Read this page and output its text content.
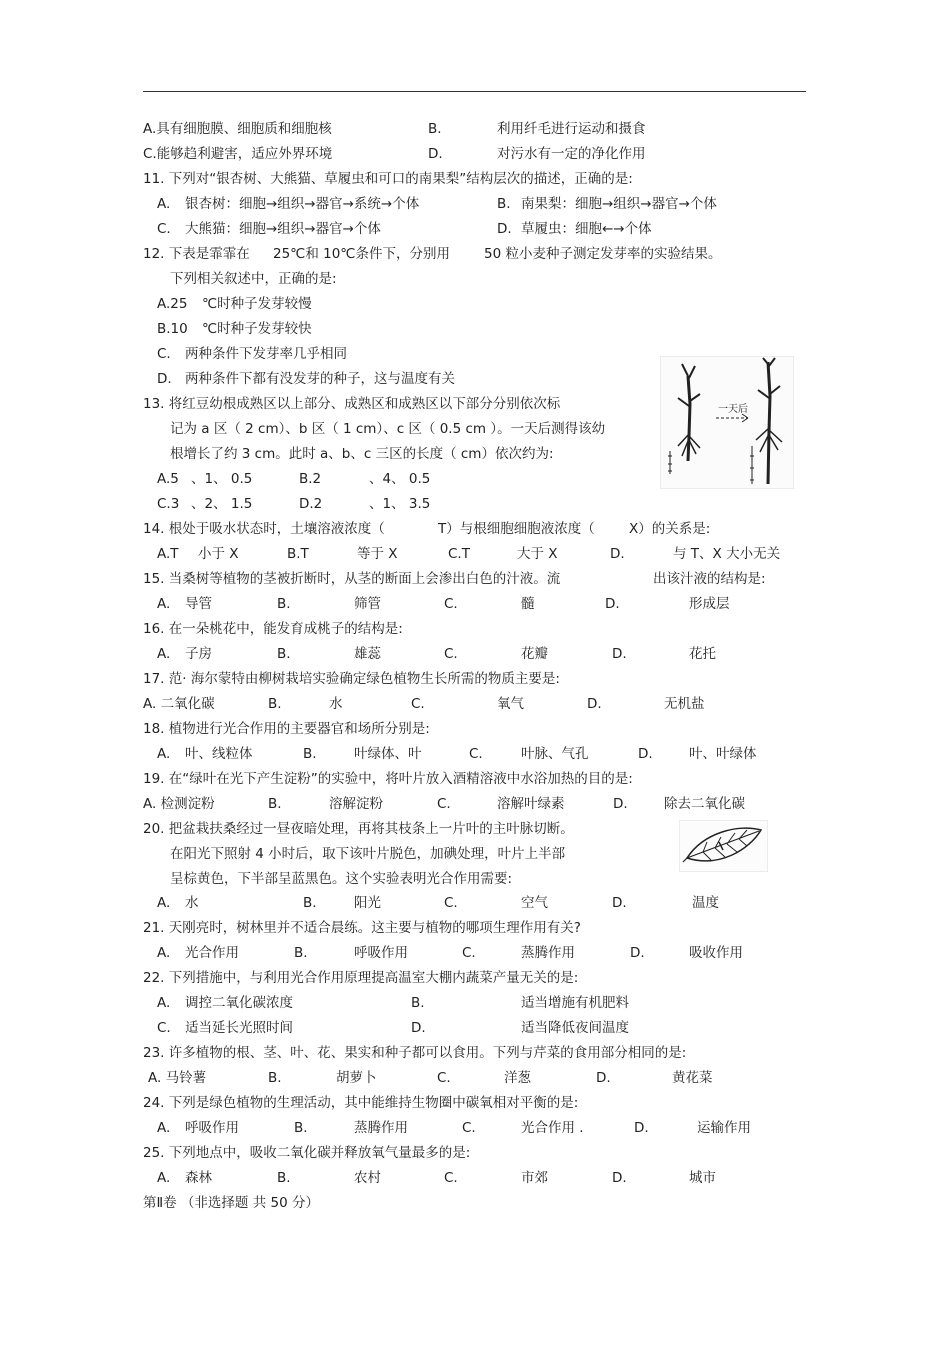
A.具有细胞膜、细胞质和细胞核	B.	利用纤毛进行运动和摄食
C.能够趋利避害，适应外界环境	D.	对污水有一定的净化作用
11. 下列对“银杏树、大熊猫、草履虫和可口的南果梨”结构层次的描述，正确的是:
A. 银杏树：细胞→组织→器官→系统→个体	B. 南果梨：细胞→组织→器官→个体
C. 大熊猫：细胞→组织→器官→个体	D. 草履虫：细胞←→个体
12. 下表是霏霏在 25℃和 10℃条件下，分别用	50 粒小麦种子测定发芽率的实验结果。
下列相关叙述中，正确的是:
A.25 ℃时种子发芽较慢
B.10 ℃时种子发芽较快
C. 两种条件下发芽率几乎相同
D. 两种条件下都有没发芽的种子，这与温度有关
13. 将红豆幼根成熟区以上部分、成熟区和成熟区以下部分分别依次标
记为 a 区（ 2 cm）、b 区（ 1 cm）、c 区（ 0.5 cm ）。一天后测得该幼
根增长了约 3 cm。此时 a、b、c 三区的长度（ cm）依次约为:
A.5 、1、 0.5	B.2	、4、 0.5
C.3 、2、 1.5	D.2	、1、 3.5
14. 根处于吸水状态时，土壤溶液浓度（	T）与根细胞细胞液浓度（	X）的关系是:
A.T 小于 X	B.T	等于 X	C.T	大于 X	D.	与 T、X 大小无关
15. 当桑树等植物的茎被折断时，从茎的断面上会渗出白色的汁液。流	出该汁液的结构是:
A. 导管	B.	筛管	C.	髓	D.	形成层
16. 在一朵桃花中，能发育成桃子的结构是:
A. 子房	B.	雄蕊	C.	花瓣	D.	花托
17. 范· 海尔蒙特由柳树栽培实验确定绿色植物生长所需的物质主要是:
A. 二氧化碳	B.	水	C.	氧气	D.	无机盐
18. 植物进行光合作用的主要器官和场所分别是:
A. 叶、线粒体	B.	叶绿体、叶	C.	叶脉、气孔	D.	叶、叶绿体
19. 在“绿叶在光下产生淀粉”的实验中，将叶片放入酒精溶液中水浴加热的目的是:
A. 检测淀粉	B.	溶解淀粉	C.	溶解叶绿素	D.	除去二氧化碳
20. 把盆栽扶桑经过一昼夜暗处理，再将其枝条上一片叶的主叶脉切断。
在阳光下照射 4 小时后，取下该叶片脱色，加碘处理，叶片上半部
呈棕黄色，下半部呈蓝黑色。这个实验表明光合作用需要:
A. 水	B.	阳光	C.	空气	D.	温度
21. 天刚亮时，树林里并不适合晨练。这主要与植物的哪项生理作用有关?
A. 光合作用	B.	呼吸作用	C.	蒸腾作用	D.	吸收作用
A. 调控二氧化碳浓度	B.	适当增施有机肥料
22. 下列措施中，与利用光合作用原理提高温室大棚内蔬菜产量无关的是:
C. 适当延长光照时间	D.	适当降低夜间温度
23. 许多植物的根、茎、叶、花、果实和种子都可以食用。下列与芹菜的食用部分相同的是:
A. 马铃薯	B.	胡萝卜	C.	洋葱	D.	黄花菜
24. 下列是绿色植物的生理活动，其中能维持生物圈中碳氧相对平衡的是:
A. 呼吸作用	B.	蒸腾作用	C.	光合作用 .	D.	运输作用
25. 下列地点中，吸收二氧化碳并释放氧气量最多的是:
A. 森林	B.	农村	C.	市郊	D.	城市
第Ⅱ卷 （非选择题 共 50 分）
一天后
